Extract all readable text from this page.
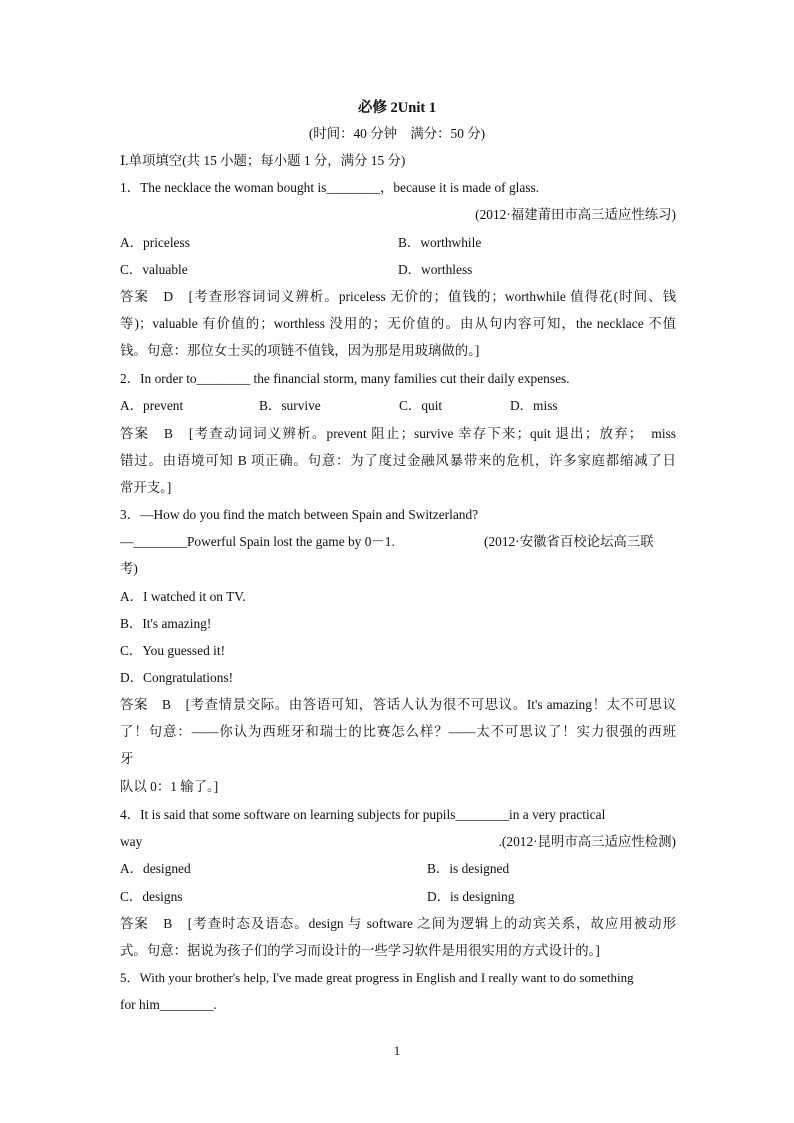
必修 2Unit 1
(时间：40 分钟　满分：50 分)
Ⅰ.单项填空(共 15 小题；每小题 1 分，满分 15 分)
1．The necklace the woman bought is________，because it is made of glass.
(2012·福建莆田市高三适应性练习)
A．priceless	B．worthwhile
C．valuable	D．worthless
答案　D　[考查形容词词义辨析。priceless 无价的；值钱的；worthwhile 值得花(时间、钱
等)；valuable 有价值的；worthless 没用的；无价值的。由从句内容可知，the necklace 不值
钱。句意：那位女士买的项链不值钱，因为那是用玻璃做的。]
2．In order to________ the financial storm, many families cut their daily expenses.
A．prevent	B．survive	C．quit	D．miss
答案　B　[考查动词词义辨析。prevent 阻止；survive 幸存下来；quit 退出；放弃；　miss
错过。由语境可知 B 项正确。句意：为了度过金融风暴带来的危机，许多家庭都缩减了日
常开支。]
3．—How do you find the match between Spain and Switzerland?
—________Powerful Spain lost the game by 0－1.	(2012·安徽省百校论坛高三联
考)
A．I watched it on TV.
B．It's amazing!
C．You guessed it!
D．Congratulations!
答案　B　[考查情景交际。由答语可知，答话人认为很不可思议。It's amazing！太不可思议
了！句意：——你认为西班牙和瑞士的比赛怎么样？——太不可思议了！实力很强的西班
牙
队以 0：1 输了。]
4．It is said that some software on learning subjects for pupils________in a very practical
way	.(2012·昆明市高三适应性检测)
A．designed	B．is designed
C．designs	D．is designing
答案　B　[考查时态及语态。design 与 software 之间为逻辑上的动宾关系，故应用被动形
式。句意：据说为孩子们的学习而设计的一些学习软件是用很实用的方式设计的。]
5．With your brother's help, I've made great progress in English and I really want to do something
for him________.
1
